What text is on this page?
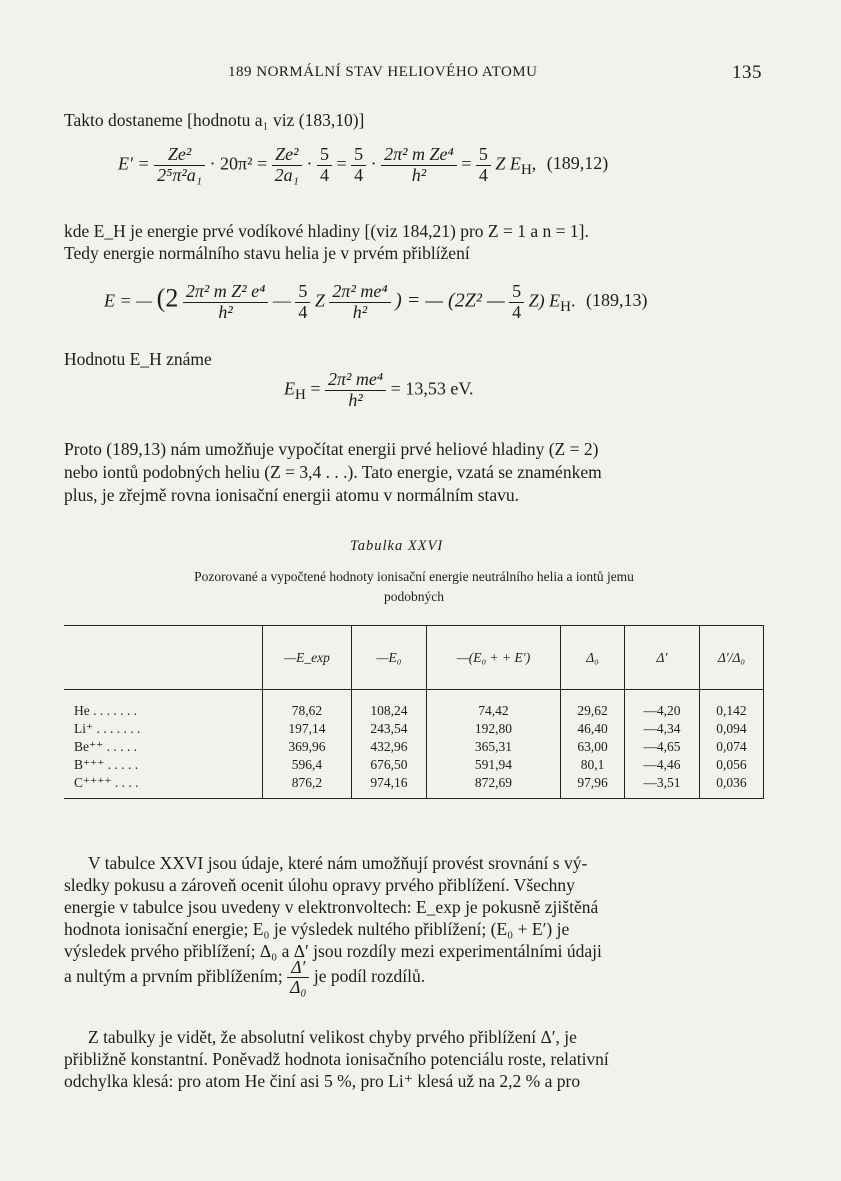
189 NORMÁLNÍ STAV HELIOVÉHO ATOMU	135
Takto dostaneme [hodnotu a₁ viz (183,10)]
$E' = \frac{\text{Ze²}}{\text{2⁵π²a₁}} \cdot 20\pi^2 = \frac{\text{Ze²}}{\text{2a₁}} \cdot \frac{5}{4} = \frac{5}{4} \cdot \frac{\text{2π² m Ze⁴}}{\text{h²}} = \frac{5}{4}$ Z $E_H$, (189,12)
kde E_H je energie prvé vodíkové hladiny [(viz 184,21) pro Z = 1 a n = 1].
Tedy energie normálního stavu helia je v prvém přiblížení
E = — ($2 \frac{\text{2π² m Z² e⁴}}{\text{h²}}$ — $\frac{5}{4}$ Z $\frac{\text{2π² me⁴}}{\text{h²}}$ ) = — (2Z² — $\frac{5}{4} Z$) $E_H$. (189,13)
Hodnotu E_H známe
$E_H = \frac{\text{2π² me⁴}}{\text{h²}} = 13,53$ eV.
Proto (189,13) nám umožňuje vypočítat energii prvé heliové hladiny (Z = 2)
nebo iontů podobných heliu (Z = 3,4 . . .). Tato energie, vzatá se znaménkem
plus, je zřejmě rovna ionisační energii atomu v normálním stavu.
Tabulka XXVI
Pozorované a vypočtené hodnoty ionisační energie neutrálního helia a iontů jemu
podobných
	—E_exp	—E₀	—(E₀ + + E′)	Δ₀	Δ′	Δ′/Δ₀
He . . . . . . .	78,62	108,24	74,42	29,62	—4,20	0,142
Li⁺ . . . . . . .	197,14	243,54	192,80	46,40	—4,34	0,094
Be⁺⁺ . . . . .	369,96	432,96	365,31	63,00	—4,65	0,074
B⁺⁺⁺ . . . . .	596,4	676,50	591,94	80,1	—4,46	0,056
C⁺⁺⁺⁺ . . . .	876,2	974,16	872,69	97,96	—3,51	0,036
V tabulce XXVI jsou údaje, které nám umožňují provést srovnání s vý-
sledky pokusu a zároveň ocenit úlohu opravy prvého přiblížení. Všechny
energie v tabulce jsou uvedeny v elektronvoltech: E_exp je pokusně zjištěná
hodnota ionisační energie; E₀ je výsledek nultého přiblížení; (E₀ + E′) je
výsledek prvého přiblížení; Δ₀ a Δ′ jsou rozdíly mezi experimentálními údaji
a nultým a prvním přiblížením; $\frac{\Delta'}{\text{Δ₀}}$ je podíl rozdílů.
Z tabulky je vidět, že absolutní velikost chyby prvého přiblížení Δ′, je
přibližně konstantní. Poněvadž hodnota ionisačního potenciálu roste, relativní
odchylka klesá: pro atom He činí asi 5 %, pro Li⁺ klesá už na 2,2 % a pro
